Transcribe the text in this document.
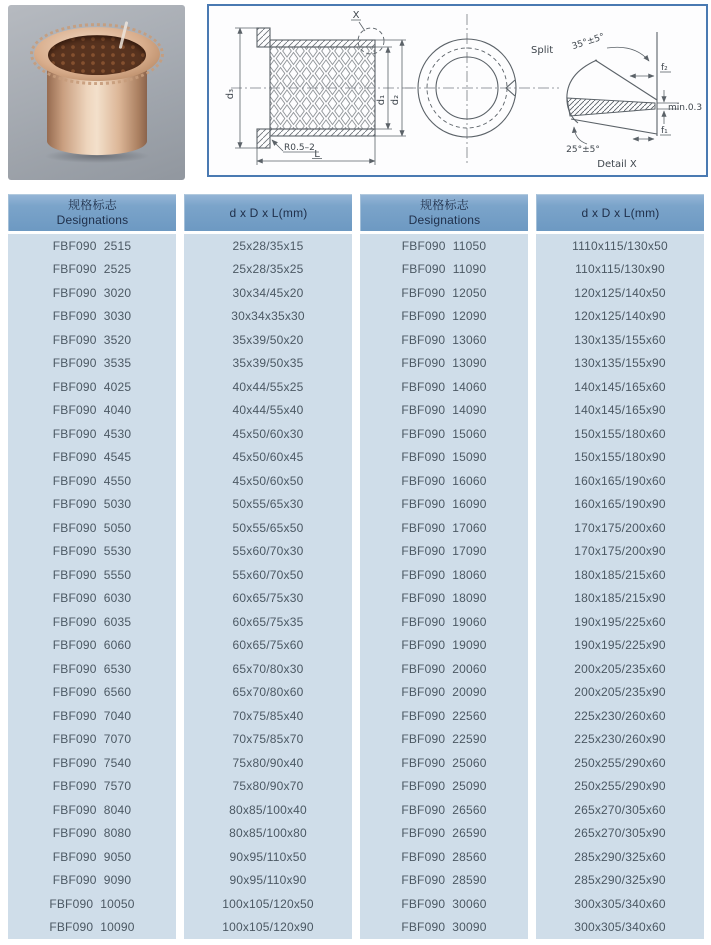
d₃
d₁ d₂
L
R0.5–2
X
Split 35°±5°
f₂
min.0.3
f₁
25°±5°
Detail X
规格标志
Designations
FBF090  2515
FBF090  2525
FBF090  3020
FBF090  3030
FBF090  3520
FBF090  3535
FBF090  4025
FBF090  4040
FBF090  4530
FBF090  4545
FBF090  4550
FBF090  5030
FBF090  5050
FBF090  5530
FBF090  5550
FBF090  6030
FBF090  6035
FBF090  6060
FBF090  6530
FBF090  6560
FBF090  7040
FBF090  7070
FBF090  7540
FBF090  7570
FBF090  8040
FBF090  8080
FBF090  9050
FBF090  9090
FBF090  10050
FBF090  10090
d x D x L(mm)
25x28/35x15
25x28/35x25
30x34/45x20
30x34x35x30
35x39/50x20
35x39/50x35
40x44/55x25
40x44/55x40
45x50/60x30
45x50/60x45
45x50/60x50
50x55/65x30
50x55/65x50
55x60/70x30
55x60/70x50
60x65/75x30
60x65/75x35
60x65/75x60
65x70/80x30
65x70/80x60
70x75/85x40
70x75/85x70
75x80/90x40
75x80/90x70
80x85/100x40
80x85/100x80
90x95/110x50
90x95/110x90
100x105/120x50
100x105/120x90
规格标志
Designations
FBF090  11050
FBF090  11090
FBF090  12050
FBF090  12090
FBF090  13060
FBF090  13090
FBF090  14060
FBF090  14090
FBF090  15060
FBF090  15090
FBF090  16060
FBF090  16090
FBF090  17060
FBF090  17090
FBF090  18060
FBF090  18090
FBF090  19060
FBF090  19090
FBF090  20060
FBF090  20090
FBF090  22560
FBF090  22590
FBF090  25060
FBF090  25090
FBF090  26560
FBF090  26590
FBF090  28560
FBF090  28590
FBF090  30060
FBF090  30090
d x D x L(mm)
1110x115/130x50
110x115/130x90
120x125/140x50
120x125/140x90
130x135/155x60
130x135/155x90
140x145/165x60
140x145/165x90
150x155/180x60
150x155/180x90
160x165/190x60
160x165/190x90
170x175/200x60
170x175/200x90
180x185/215x60
180x185/215x90
190x195/225x60
190x195/225x90
200x205/235x60
200x205/235x90
225x230/260x60
225x230/260x90
250x255/290x60
250x255/290x90
265x270/305x60
265x270/305x90
285x290/325x60
285x290/325x90
300x305/340x60
300x305/340x60
